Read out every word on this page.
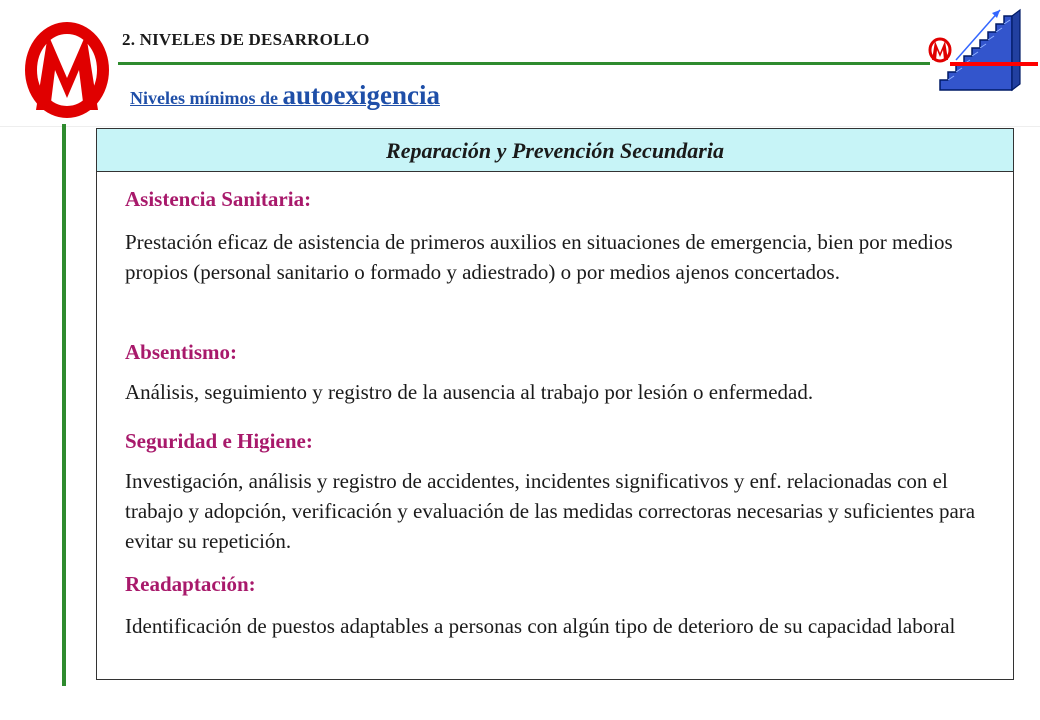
2. NIVELES DE DESARROLLO
Niveles mínimos de autoexigencia
Reparación y Prevención Secundaria
Asistencia Sanitaria:
Prestación eficaz de asistencia de primeros auxilios en situaciones de emergencia, bien por medios propios (personal sanitario o formado y adiestrado) o por medios ajenos concertados.
Absentismo:
Análisis, seguimiento y registro de la ausencia al trabajo por lesión o enfermedad.
Seguridad e Higiene:
Investigación, análisis y registro de accidentes, incidentes significativos y enf. relacionadas con el trabajo y adopción, verificación y evaluación de las medidas correctoras necesarias y suficientes para evitar su repetición.
Readaptación:
Identificación de puestos adaptables a personas con algún tipo de deterioro de su capacidad laboral
